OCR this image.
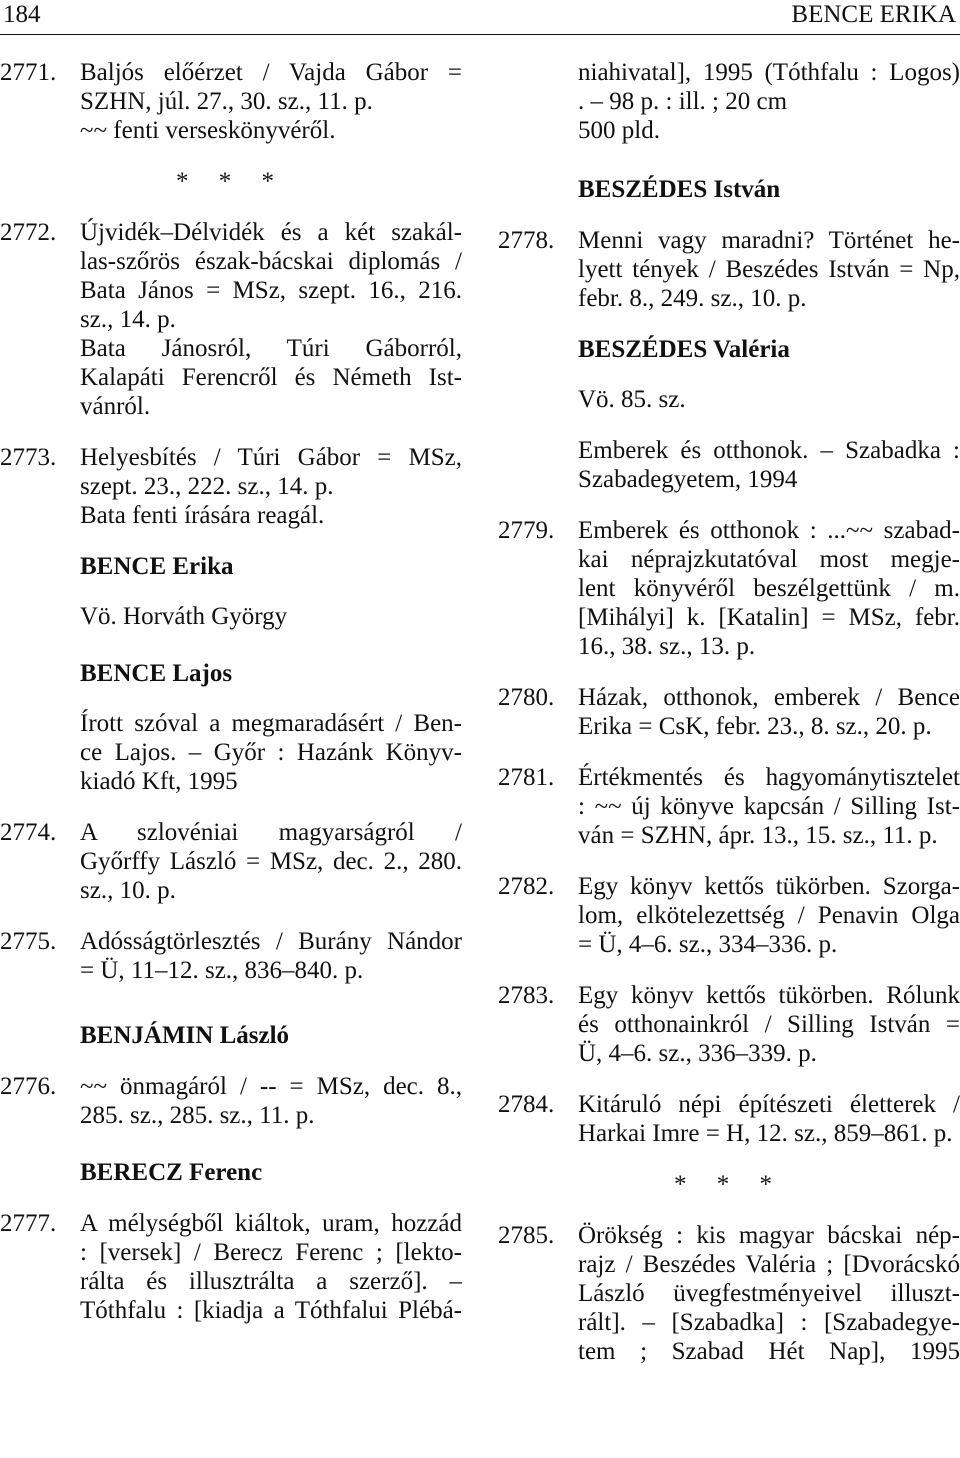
184	BENCE ERIKA
2771. Baljós előérzet / Vajda Gábor =
SZHN, júl. 27., 30. sz., 11. p.
~~ fenti verseskönyvéről.
* * *
2772. Újvidék–Délvidék és a két szakál-
las-szőrös észak-bácskai diplomás /
Bata János = MSz, szept. 16., 216.
sz., 14. p.
Bata Jánosról, Túri Gáborról,
Kalapáti Ferencről és Németh Ist-
vánról.
2773. Helyesbítés / Túri Gábor = MSz,
szept. 23., 222. sz., 14. p.
Bata fenti írására reagál.
BENCE Erika
Vö. Horváth György
BENCE Lajos
Írott szóval a megmaradásért / Ben-
ce Lajos. – Győr : Hazánk Könyv-
kiadó Kft, 1995
2774. A szlovéniai magyarságról /
Győrffy László = MSz, dec. 2., 280.
sz., 10. p.
2775. Adósságtörlesztés / Burány Nándor
= Ü, 11–12. sz., 836–840. p.
BENJÁMIN László
2776. ~~ önmagáról / -- = MSz, dec. 8.,
285. sz., 285. sz., 11. p.
BERECZ Ferenc
2777. A mélységből kiáltok, uram, hozzád
: [versek] / Berecz Ferenc ; [lekto-
rálta és illusztrálta a szerző]. –
Tóthfalu : [kiadja a Tóthfalui Plébá-
niahivatal], 1995 (Tóthfalu : Logos)
. – 98 p. : ill. ; 20 cm
500 pld.
BESZÉDES István
2778. Menni vagy maradni? Történet he-
lyett tények / Beszédes István = Np,
febr. 8., 249. sz., 10. p.
BESZÉDES Valéria
Vö. 85. sz.
Emberek és otthonok. – Szabadka :
Szabadegyetem, 1994
2779. Emberek és otthonok : ...~~ szabad-
kai néprajzkutatóval most megje-
lent könyvéről beszélgettünk / m.
[Mihályi] k. [Katalin] = MSz, febr.
16., 38. sz., 13. p.
2780. Házak, otthonok, emberek / Bence
Erika = CsK, febr. 23., 8. sz., 20. p.
2781. Értékmentés és hagyománytisztelet
: ~~ új könyve kapcsán / Silling Ist-
ván = SZHN, ápr. 13., 15. sz., 11. p.
2782. Egy könyv kettős tükörben. Szorga-
lom, elkötelezettség / Penavin Olga
= Ü, 4–6. sz., 334–336. p.
2783. Egy könyv kettős tükörben. Rólunk
és otthonainkról / Silling István =
Ü, 4–6. sz., 336–339. p.
2784. Kitáruló népi építészeti életterek /
Harkai Imre = H, 12. sz., 859–861. p.
* * *
2785. Örökség : kis magyar bácskai nép-
rajz / Beszédes Valéria ; [Dvorácskó
László üvegfestményeivel illuszt-
rált]. – [Szabadka] : [Szabadegye-
tem ; Szabad Hét Nap], 1995
